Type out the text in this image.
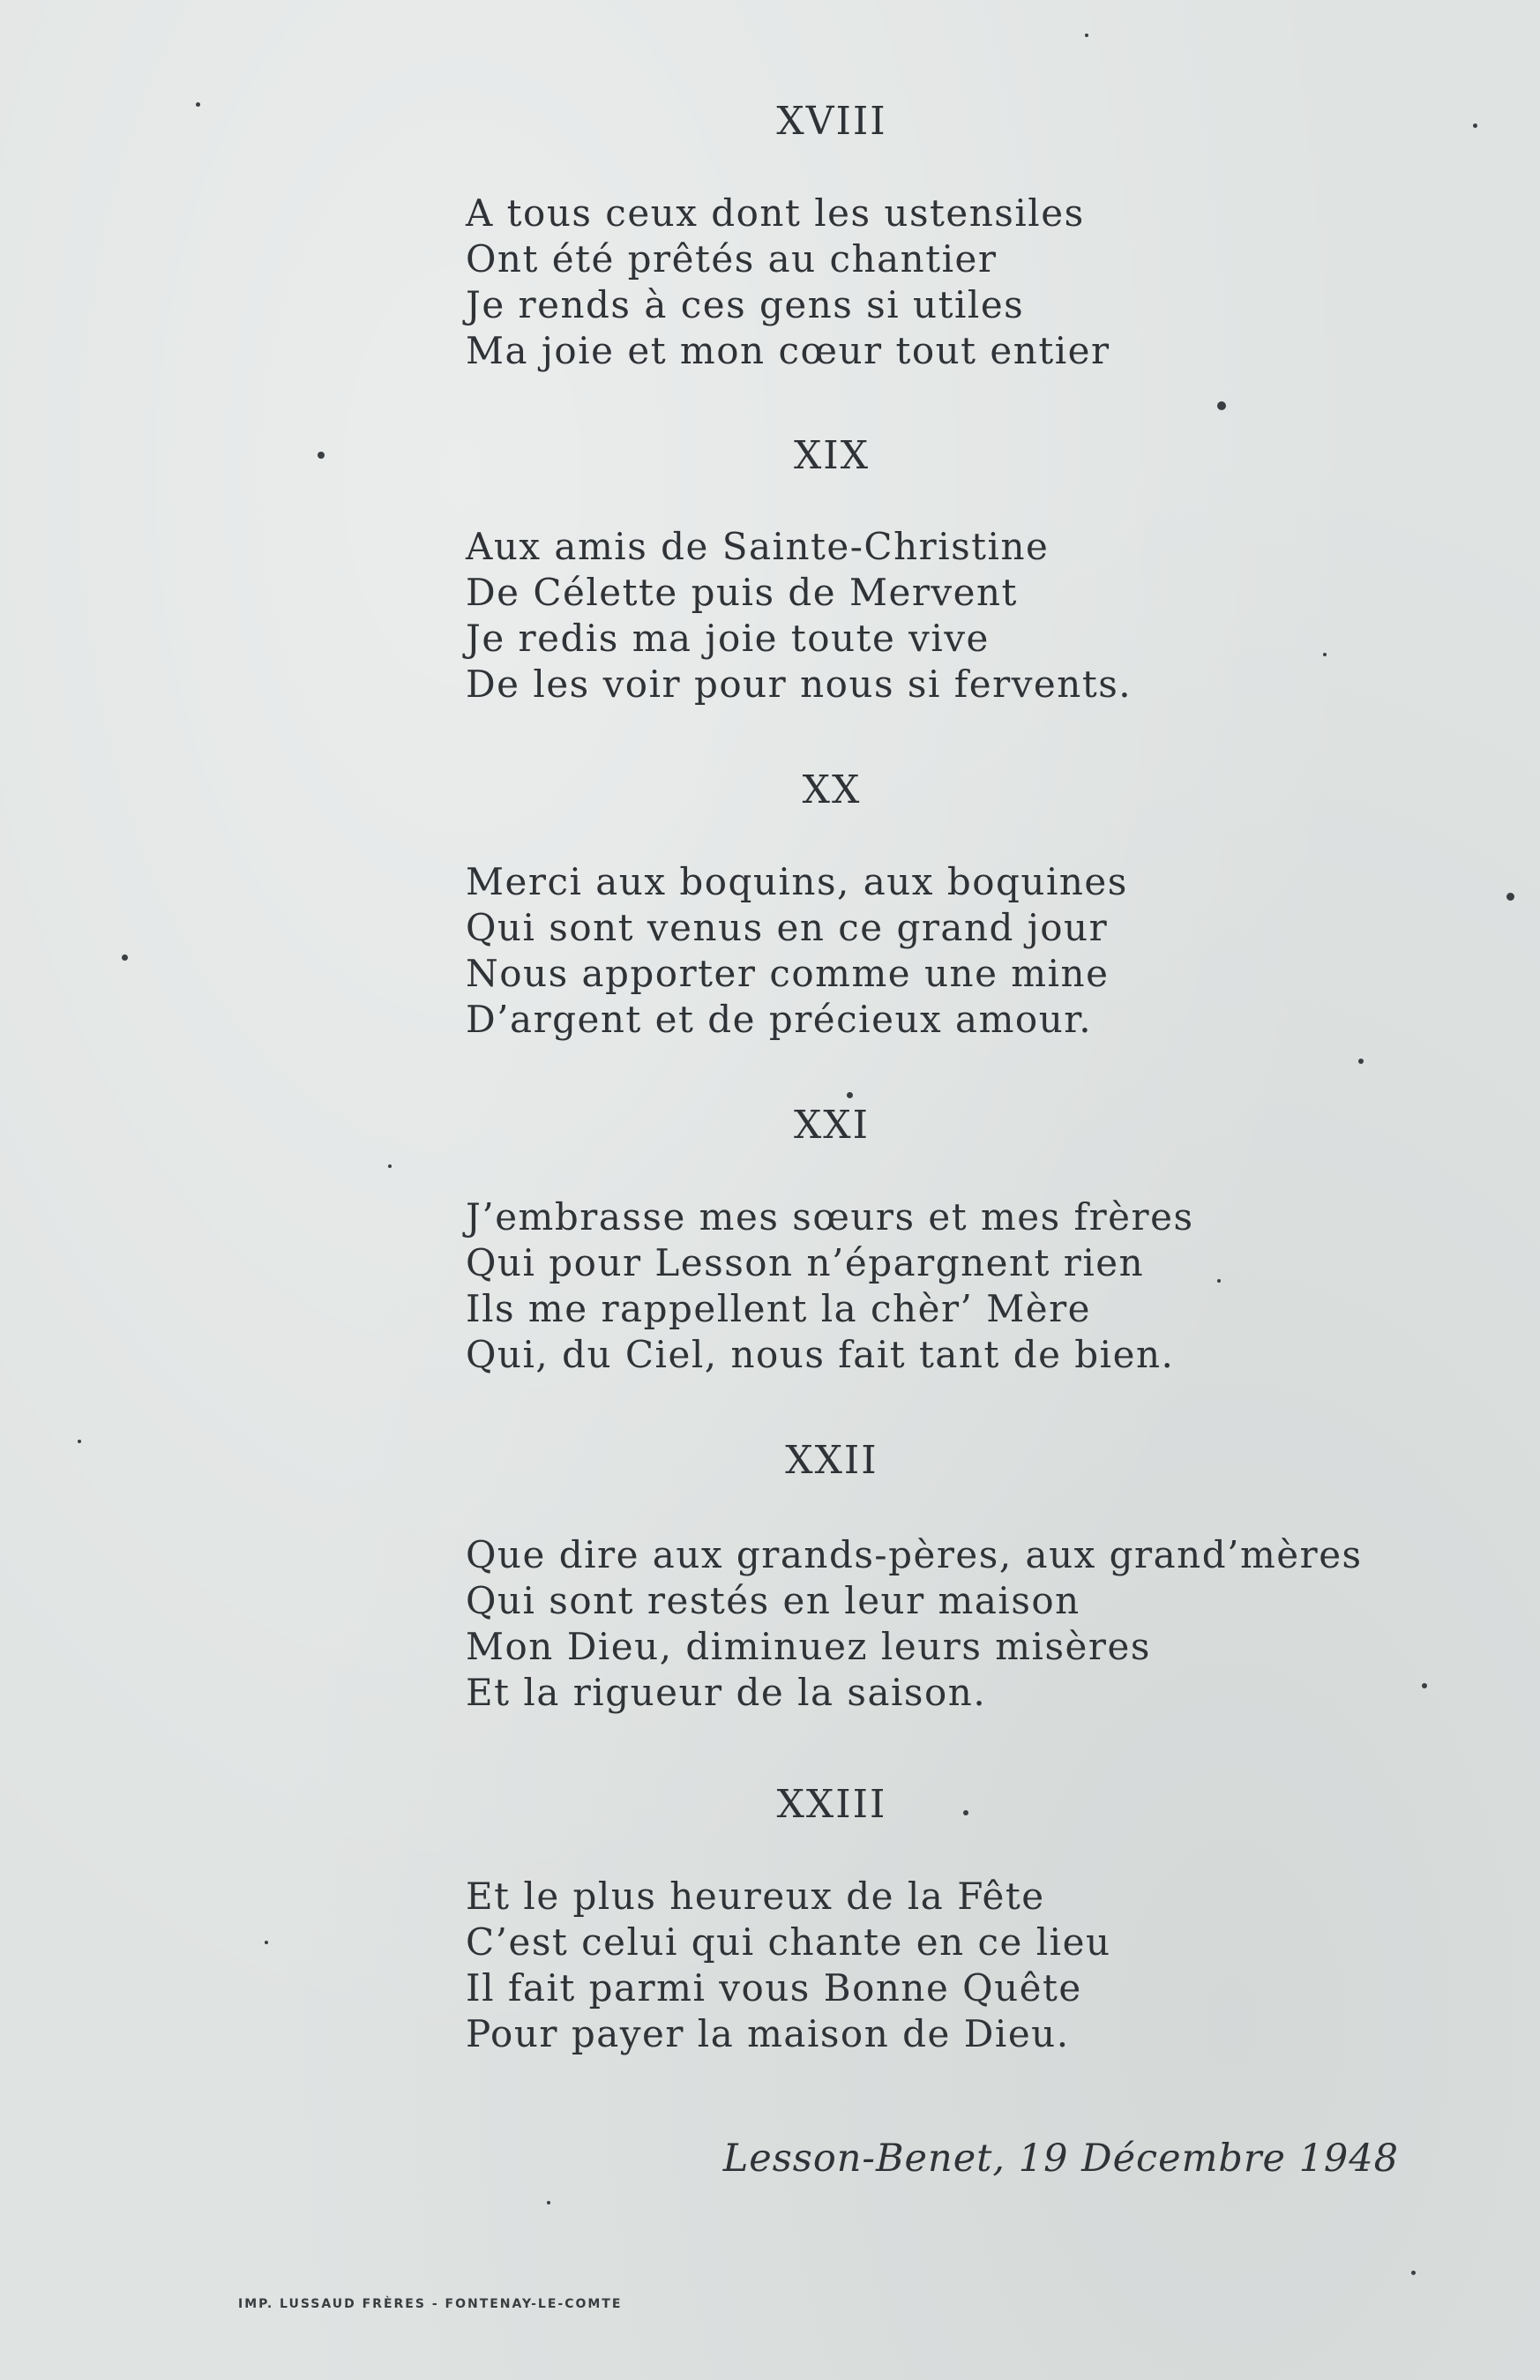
XVIII
A tous ceux dont les ustensiles
Ont été prêtés au chantier
Je rends à ces gens si utiles
Ma joie et mon cœur tout entier
XIX
Aux amis de Sainte-Christine
De Célette puis de Mervent
Je redis ma joie toute vive
De les voir pour nous si fervents.
XX
Merci aux boquins, aux boquines
Qui sont venus en ce grand jour
Nous apporter comme une mine
D’argent et de précieux amour.
XXI
J’embrasse mes sœurs et mes frères
Qui pour Lesson n’épargnent rien
Ils me rappellent la chèr’ Mère
Qui, du Ciel, nous fait tant de bien.
XXII
Que dire aux grands-pères, aux grand’mères
Qui sont restés en leur maison
Mon Dieu, diminuez leurs misères
Et la rigueur de la saison.
XXIII
Et le plus heureux de la Fête
C’est celui qui chante en ce lieu
Il fait parmi vous Bonne Quête
Pour payer la maison de Dieu.
Lesson-Benet, 19 Décembre 1948
IMP. LUSSAUD FRÈRES - FONTENAY-LE-COMTE
